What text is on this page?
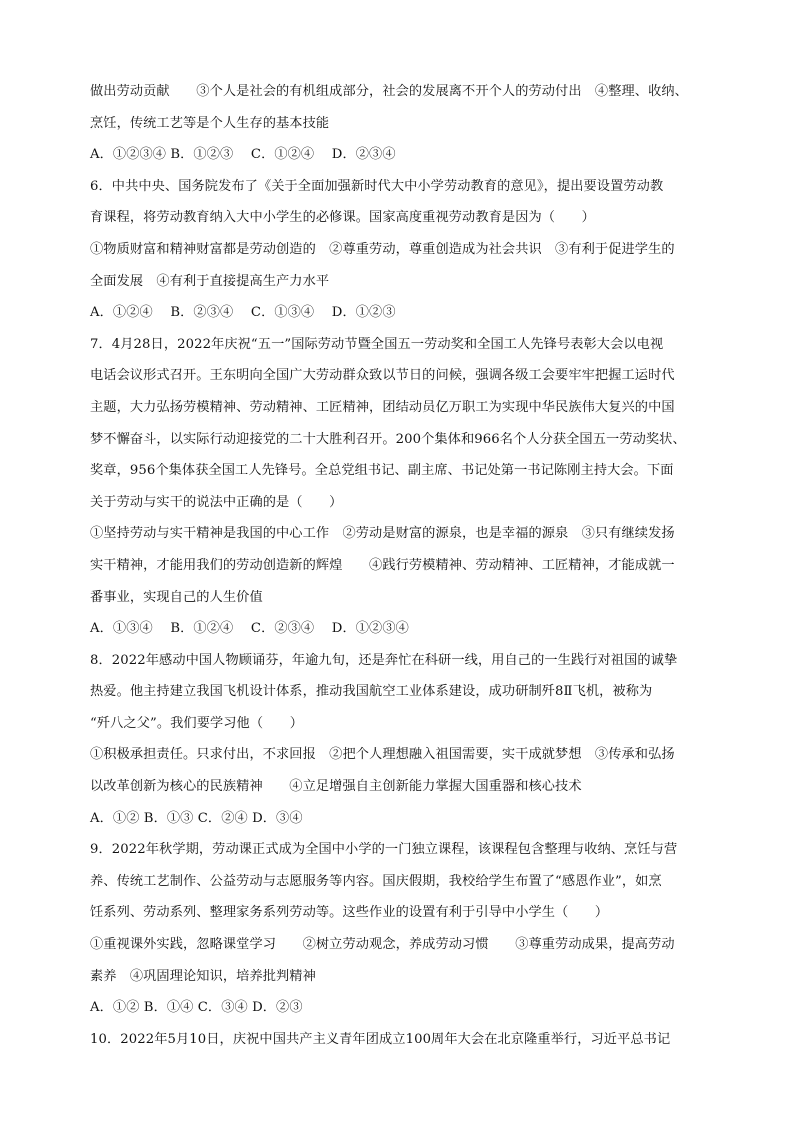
做出劳动贡献　　③个人是社会的有机组成部分，社会的发展离不开个人的劳动付出　④整理、收纳、
烹饪，传统工艺等是个人生存的基本技能
A．①②③④ B．①②③　 C．①②④　 D．②③④
6．中共中央、国务院发布了《关于全面加强新时代大中小学劳动教育的意见》，提出要设置劳动教
育课程，将劳动教育纳入大中小学生的必修课。国家高度重视劳动教育是因为（　　）
①物质财富和精神财富都是劳动创造的　②尊重劳动，尊重创造成为社会共识　③有利于促进学生的
全面发展　④有利于直接提高生产力水平
A．①②④　 B．②③④　 C．①③④　 D．①②③
7．4月28日，2022年庆祝“五一”国际劳动节暨全国五一劳动奖和全国工人先锋号表彰大会以电视
电话会议形式召开。王东明向全国广大劳动群众致以节日的问候，强调各级工会要牢牢把握工运时代
主题，大力弘扬劳模精神、劳动精神、工匠精神，团结动员亿万职工为实现中华民族伟大复兴的中国
梦不懈奋斗，以实际行动迎接党的二十大胜利召开。200个集体和966名个人分获全国五一劳动奖状、
奖章，956个集体获全国工人先锋号。全总党组书记、副主席、书记处第一书记陈刚主持大会。下面
关于劳动与实干的说法中正确的是（　　）
①坚持劳动与实干精神是我国的中心工作　②劳动是财富的源泉，也是幸福的源泉　③只有继续发扬
实干精神，才能用我们的劳动创造新的辉煌　　④践行劳模精神、劳动精神、工匠精神，才能成就一
番事业，实现自己的人生价值
A．①③④　 B．①②④　 C．②③④　 D．①②③④
8．2022年感动中国人物顾诵芬，年逾九旬，还是奔忙在科研一线，用自己的一生践行对祖国的诚挚
热爱。他主持建立我国飞机设计体系，推动我国航空工业体系建设，成功研制歼8Ⅱ飞机，被称为
“歼八之父”。我们要学习他（　　）
①积极承担责任。只求付出，不求回报　②把个人理想融入祖国需要，实干成就梦想　③传承和弘扬
以改革创新为核心的民族精神　　④立足增强自主创新能力掌握大国重器和核心技术
A．①② B．①③ C．②④ D．③④
9．2022年秋学期，劳动课正式成为全国中小学的一门独立课程，该课程包含整理与收纳、烹饪与营
养、传统工艺制作、公益劳动与志愿服务等内容。国庆假期，我校给学生布置了“感恩作业”，如烹
饪系列、劳动系列、整理家务系列劳动等。这些作业的设置有利于引导中小学生（　　）
①重视课外实践，忽略课堂学习　　②树立劳动观念，养成劳动习惯　　③尊重劳动成果，提高劳动
素养　④巩固理论知识，培养批判精神
A．①② B．①④ C．③④ D．②③
10．2022年5月10日，庆祝中国共产主义青年团成立100周年大会在北京隆重举行，习近平总书记
